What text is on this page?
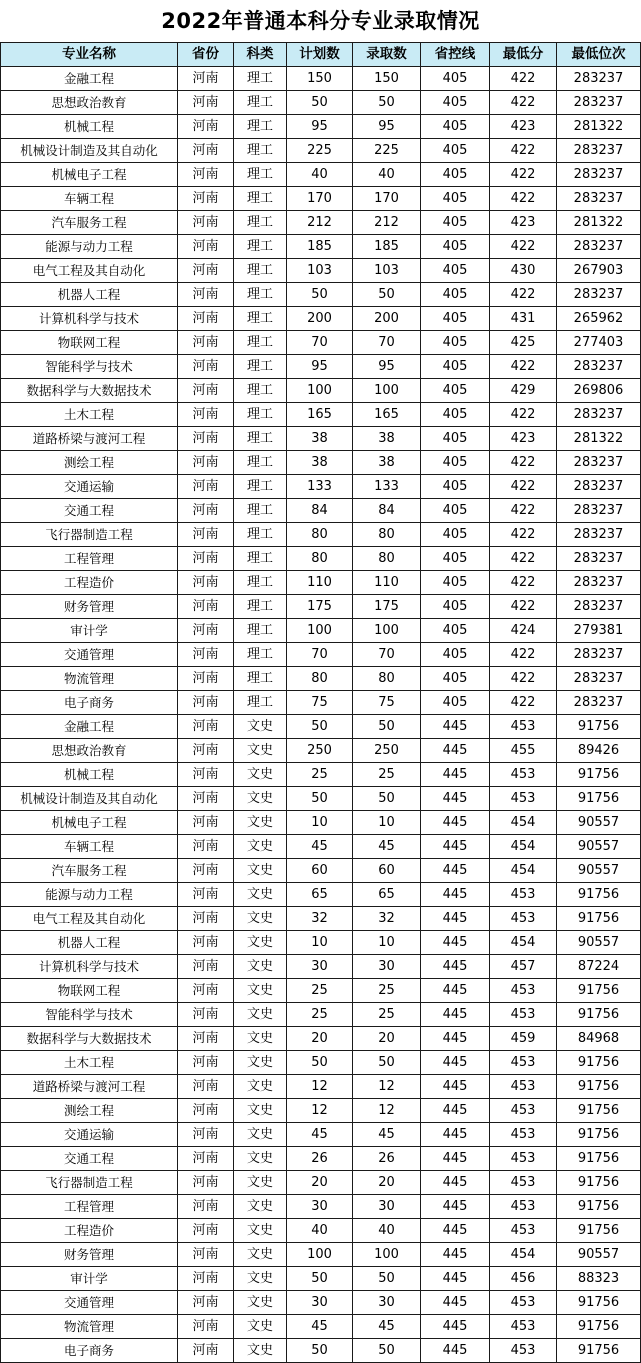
2022年普通本科分专业录取情况
专业名称	省份	科类	计划数	录取数	省控线	最低分	最低位次
金融工程	河南	理工	150	150	405	422	283237
思想政治教育	河南	理工	50	50	405	422	283237
机械工程	河南	理工	95	95	405	423	281322
机械设计制造及其自动化	河南	理工	225	225	405	422	283237
机械电子工程	河南	理工	40	40	405	422	283237
车辆工程	河南	理工	170	170	405	422	283237
汽车服务工程	河南	理工	212	212	405	423	281322
能源与动力工程	河南	理工	185	185	405	422	283237
电气工程及其自动化	河南	理工	103	103	405	430	267903
机器人工程	河南	理工	50	50	405	422	283237
计算机科学与技术	河南	理工	200	200	405	431	265962
物联网工程	河南	理工	70	70	405	425	277403
智能科学与技术	河南	理工	95	95	405	422	283237
数据科学与大数据技术	河南	理工	100	100	405	429	269806
土木工程	河南	理工	165	165	405	422	283237
道路桥梁与渡河工程	河南	理工	38	38	405	423	281322
测绘工程	河南	理工	38	38	405	422	283237
交通运输	河南	理工	133	133	405	422	283237
交通工程	河南	理工	84	84	405	422	283237
飞行器制造工程	河南	理工	80	80	405	422	283237
工程管理	河南	理工	80	80	405	422	283237
工程造价	河南	理工	110	110	405	422	283237
财务管理	河南	理工	175	175	405	422	283237
审计学	河南	理工	100	100	405	424	279381
交通管理	河南	理工	70	70	405	422	283237
物流管理	河南	理工	80	80	405	422	283237
电子商务	河南	理工	75	75	405	422	283237
金融工程	河南	文史	50	50	445	453	91756
思想政治教育	河南	文史	250	250	445	455	89426
机械工程	河南	文史	25	25	445	453	91756
机械设计制造及其自动化	河南	文史	50	50	445	453	91756
机械电子工程	河南	文史	10	10	445	454	90557
车辆工程	河南	文史	45	45	445	454	90557
汽车服务工程	河南	文史	60	60	445	454	90557
能源与动力工程	河南	文史	65	65	445	453	91756
电气工程及其自动化	河南	文史	32	32	445	453	91756
机器人工程	河南	文史	10	10	445	454	90557
计算机科学与技术	河南	文史	30	30	445	457	87224
物联网工程	河南	文史	25	25	445	453	91756
智能科学与技术	河南	文史	25	25	445	453	91756
数据科学与大数据技术	河南	文史	20	20	445	459	84968
土木工程	河南	文史	50	50	445	453	91756
道路桥梁与渡河工程	河南	文史	12	12	445	453	91756
测绘工程	河南	文史	12	12	445	453	91756
交通运输	河南	文史	45	45	445	453	91756
交通工程	河南	文史	26	26	445	453	91756
飞行器制造工程	河南	文史	20	20	445	453	91756
工程管理	河南	文史	30	30	445	453	91756
工程造价	河南	文史	40	40	445	453	91756
财务管理	河南	文史	100	100	445	454	90557
审计学	河南	文史	50	50	445	456	88323
交通管理	河南	文史	30	30	445	453	91756
物流管理	河南	文史	45	45	445	453	91756
电子商务	河南	文史	50	50	445	453	91756
